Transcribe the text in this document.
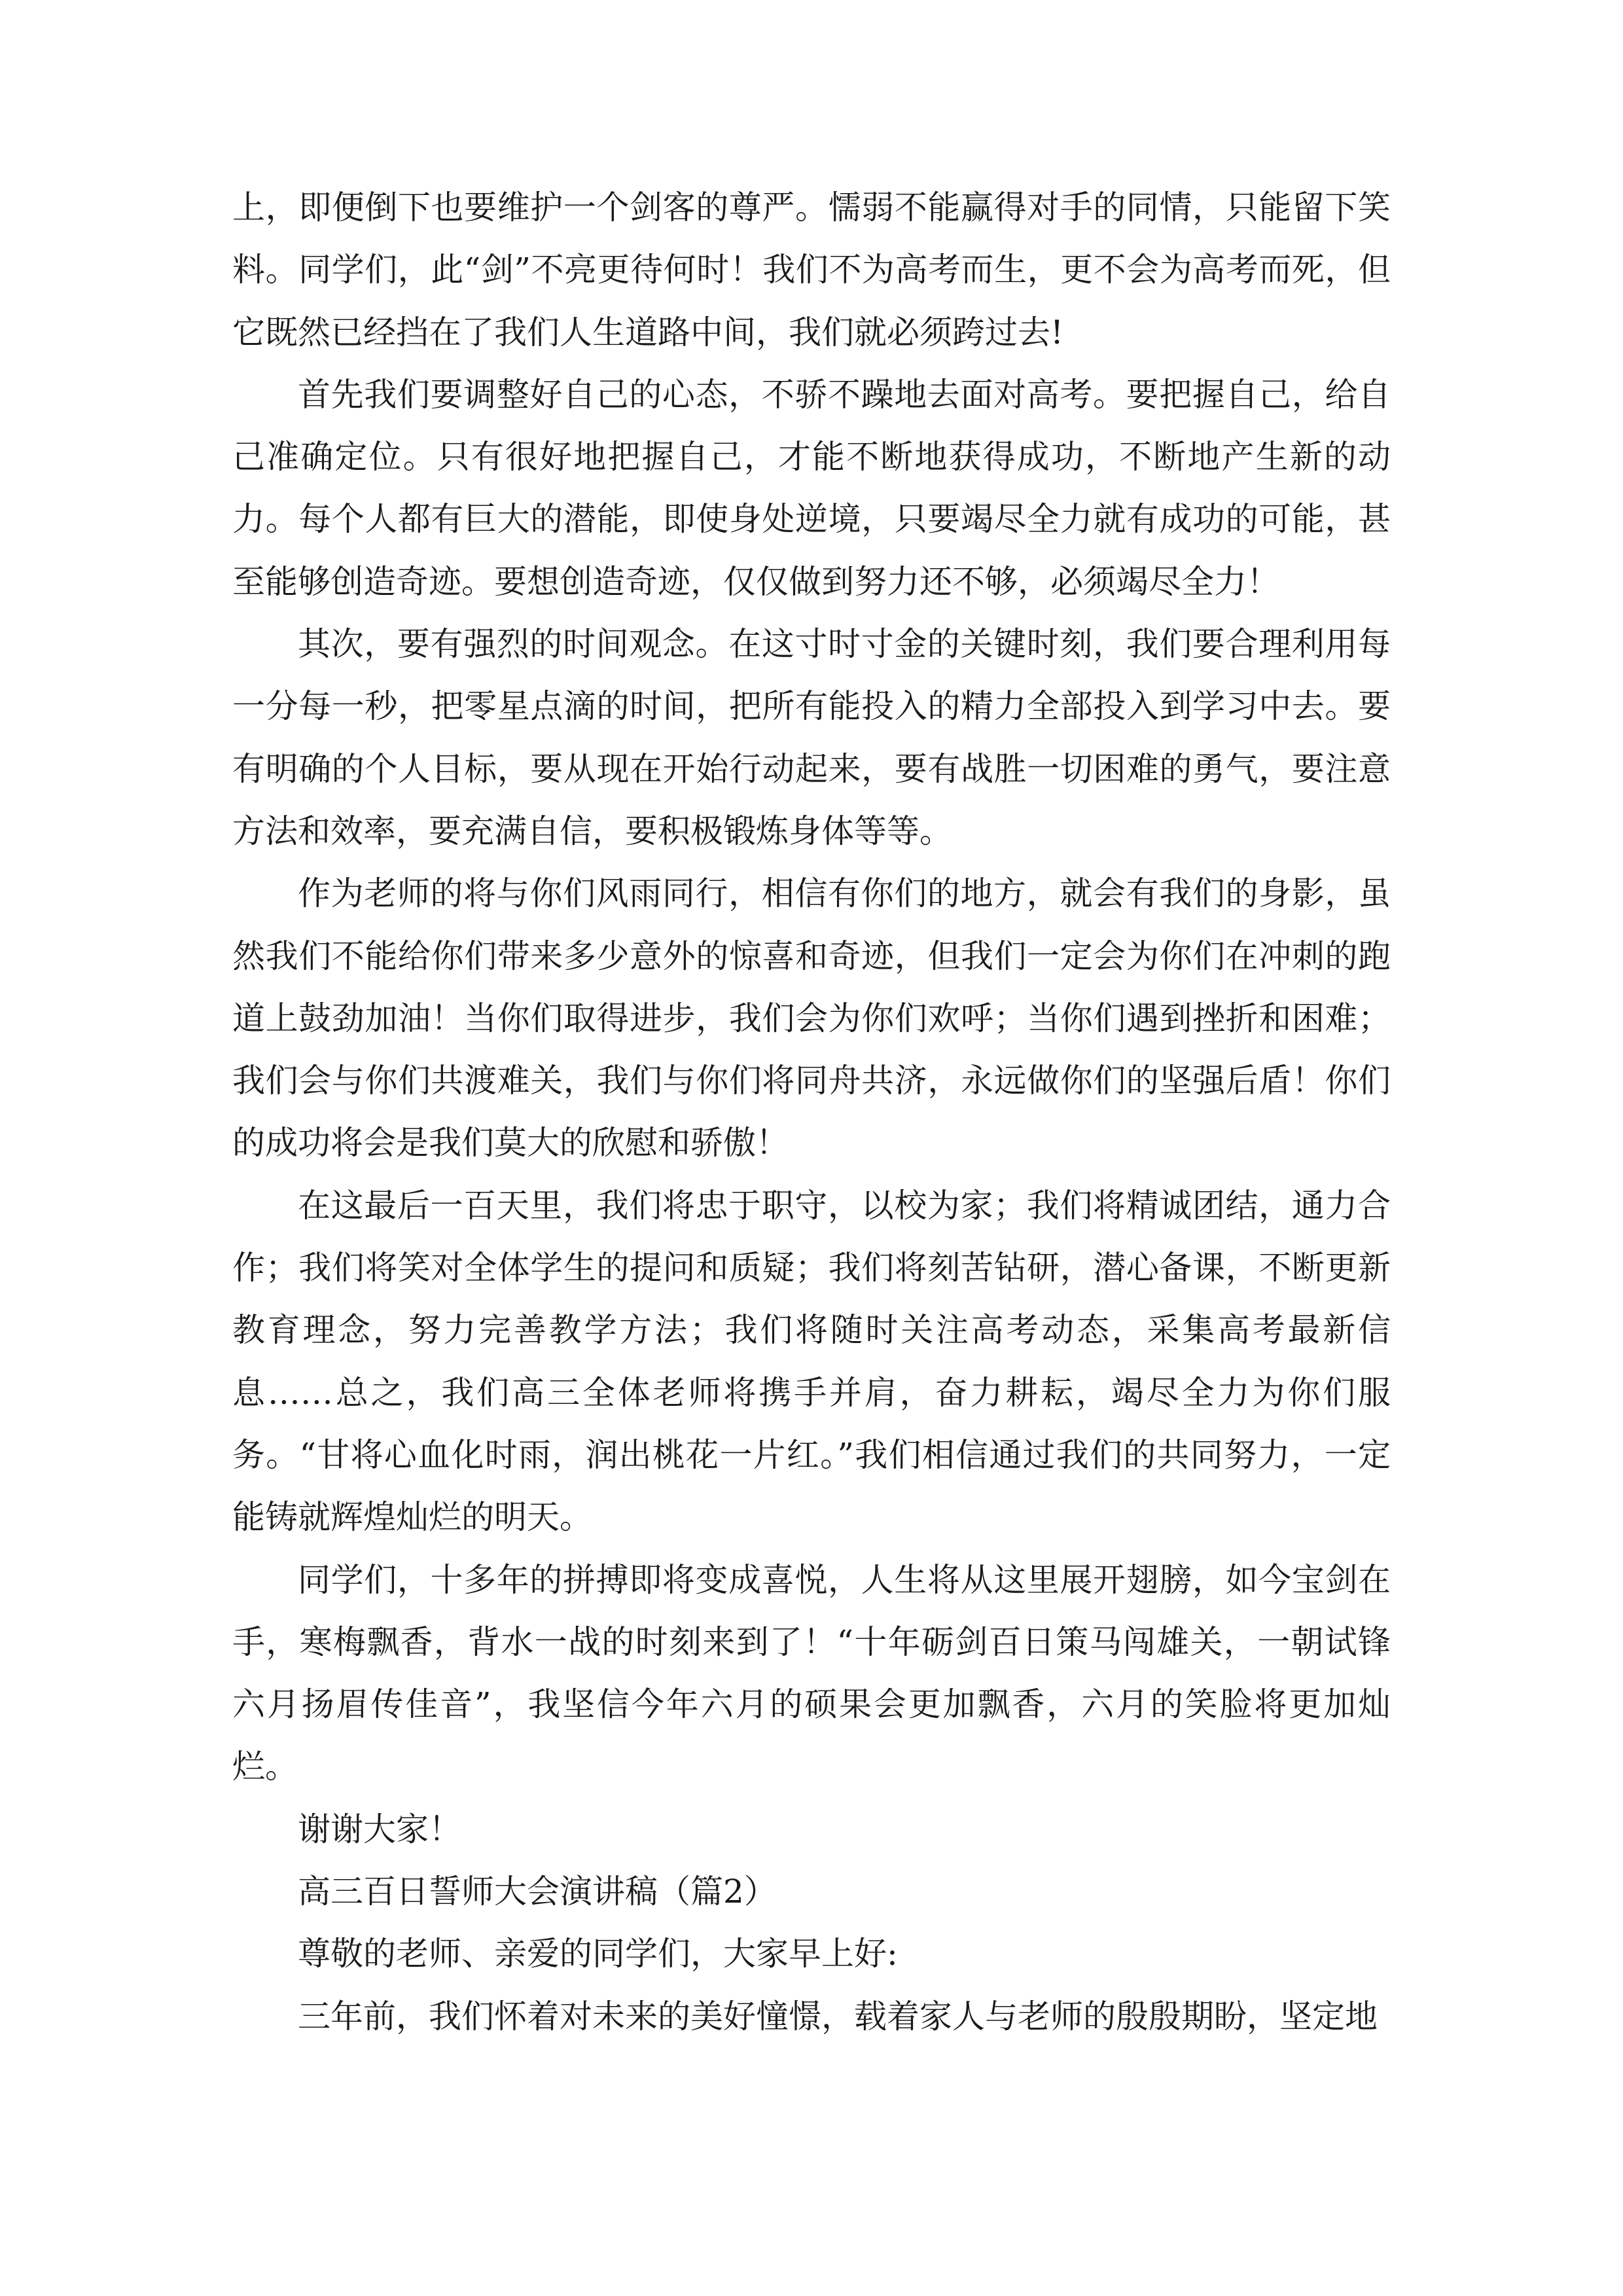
上，即便倒下也要维护一个剑客的尊严。懦弱不能赢得对手的同情，只能留下笑料。同学们，此“剑”不亮更待何时！我们不为高考而生，更不会为高考而死，但它既然已经挡在了我们人生道路中间，我们就必须跨过去!

首先我们要调整好自己的心态，不骄不躁地去面对高考。要把握自己，给自己准确定位。只有很好地把握自己，才能不断地获得成功，不断地产生新的动力。每个人都有巨大的潜能，即使身处逆境，只要竭尽全力就有成功的可能，甚至能够创造奇迹。要想创造奇迹，仅仅做到努力还不够，必须竭尽全力！

其次，要有强烈的时间观念。在这寸时寸金的关键时刻，我们要合理利用每一分每一秒，把零星点滴的时间，把所有能投入的精力全部投入到学习中去。要有明确的个人目标，要从现在开始行动起来，要有战胜一切困难的勇气，要注意方法和效率，要充满自信，要积极锻炼身体等等。

作为老师的将与你们风雨同行，相信有你们的地方，就会有我们的身影，虽然我们不能给你们带来多少意外的惊喜和奇迹，但我们一定会为你们在冲刺的跑道上鼓劲加油！当你们取得进步，我们会为你们欢呼；当你们遇到挫折和困难；我们会与你们共渡难关，我们与你们将同舟共济，永远做你们的坚强后盾！你们的成功将会是我们莫大的欣慰和骄傲！

在这最后一百天里，我们将忠于职守，以校为家；我们将精诚团结，通力合作；我们将笑对全体学生的提问和质疑；我们将刻苦钻研，潜心备课，不断更新教育理念，努力完善教学方法；我们将随时关注高考动态，采集高考最新信息……总之，我们高三全体老师将携手并肩，奋力耕耘，竭尽全力为你们服务。“甘将心血化时雨，润出桃花一片红。”我们相信通过我们的共同努力，一定能铸就辉煌灿烂的明天。

同学们，十多年的拼搏即将变成喜悦，人生将从这里展开翅膀，如今宝剑在手，寒梅飘香，背水一战的时刻来到了！“十年砺剑百日策马闯雄关，一朝试锋六月扬眉传佳音”，我坚信今年六月的硕果会更加飘香，六月的笑脸将更加灿烂。

谢谢大家！

高三百日誓师大会演讲稿（篇2）

尊敬的老师、亲爱的同学们，大家早上好:

三年前，我们怀着对未来的美好憧憬，载着家人与老师的殷殷期盼，坚定地
